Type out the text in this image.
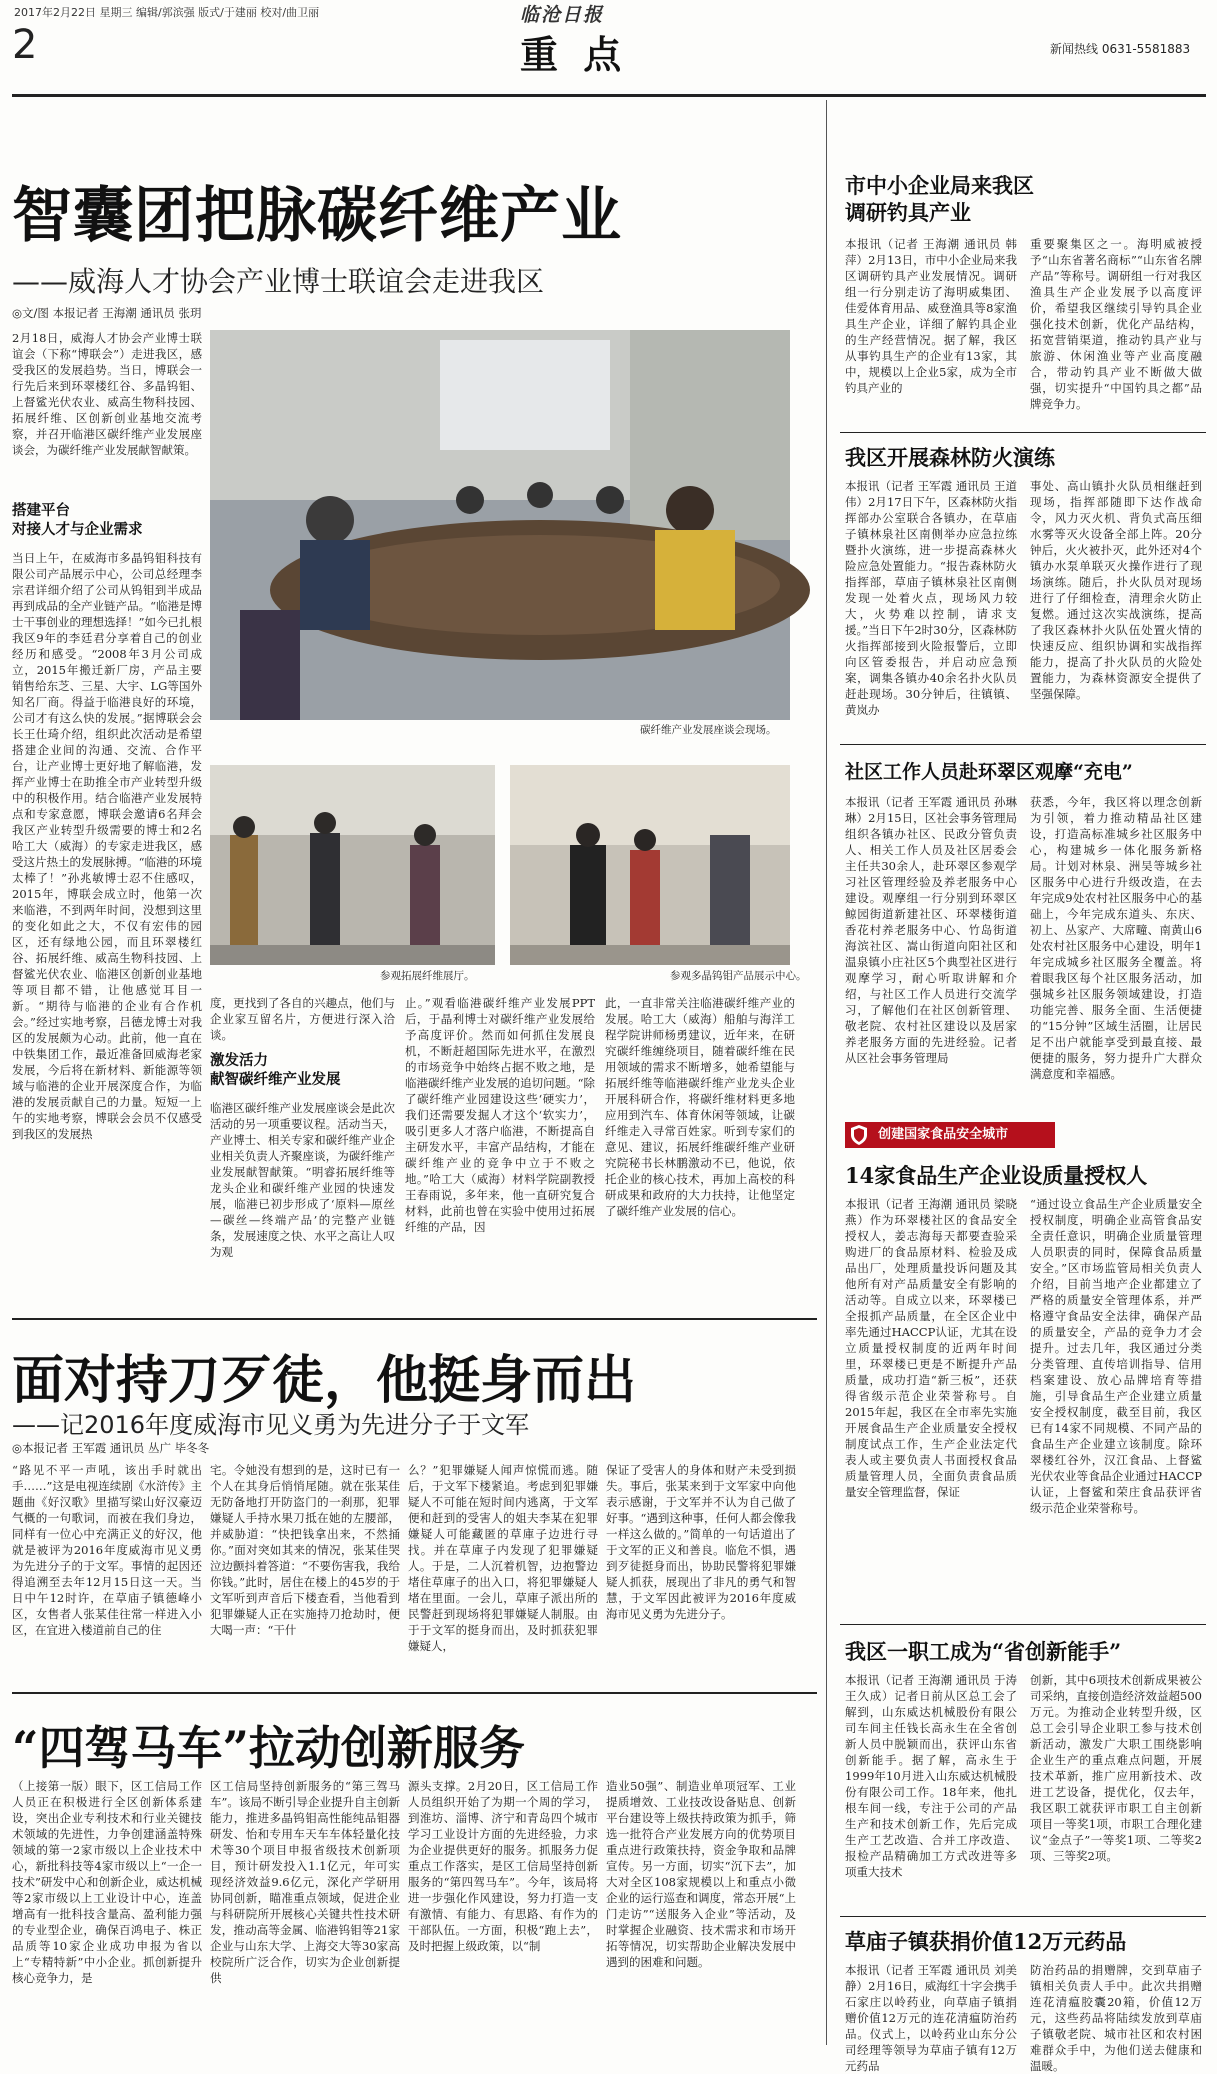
2017年2月22日 星期三 编辑/郭滨强 版式/于建丽 校对/曲卫丽	临沧日报
2	重 点	新闻热线 0631-5581883
智囊团把脉碳纤维产业
——威海人才协会产业博士联谊会走进我区
◎文/图 本报记者 王海潮 通讯员 张玥
2月18日，威海人才协会产业博士联谊会（下称“博联会”）走进我区，感受我区的发展趋势。当日，博联会一行先后来到环翠楼红谷、多晶钨钼、上督鲨光伏农业、威高生物科技园、拓展纤维、区创新创业基地交流考察，并召开临港区碳纤维产业发展座谈会，为碳纤维产业发展献智献策。
搭建平台
对接人才与企业需求
当日上午，在威海市多晶钨钼科技有限公司产品展示中心，公司总经理李宗君详细介绍了公司从钨钼到半成品再到成品的全产业链产品。“临港是博士干事创业的理想选择！”如今已扎根我区9年的李廷君分享着自己的创业经历和感受。“2008年3月公司成立，2015年搬迁新厂房，产品主要销售给东芝、三星、大宇、LG等国外知名厂商。得益于临港良好的环境，公司才有这么快的发展。”据博联会会长王仕琦介绍，组织此次活动是希望搭建企业间的沟通、交流、合作平台，让产业博士更好地了解临港，发挥产业博士在助推全市产业转型升级中的积极作用。结合临港产业发展特点和专家意愿，博联会邀请6名拜会我区产业转型升级需要的博士和2名哈工大（威海）的专家走进我区，感受这片热土的发展脉搏。“临港的环境太棒了！”孙兆敏博士忍不住感叹，2015年，博联会成立时，他第一次来临港，不到两年时间，没想到这里的变化如此之大，不仅有宏伟的园区，还有绿地公园，而且环翠楼红谷、拓展纤维、威高生物科技园、上督鲨光伏农业、临港区创新创业基地等项目都不错，让他感觉耳目一新。“期待与临港的企业有合作机会。”经过实地考察，吕德龙博士对我区的发展颇为心动。此前，他一直在中铁集团工作，最近准备回威海老家发展，今后将在新材料、新能源等领域与临港的企业开展深度合作，为临港的发展贡献自己的力量。短短一上午的实地考察，博联会会员不仅感受到我区的发展热
碳纤维产业发展座谈会现场。
参观拓展纤维展厅。	参观多晶钨钼产品展示中心。
度，更找到了各自的兴趣点，他们与企业家互留名片，方便进行深入洽谈。
激发活力
献智碳纤维产业发展
临港区碳纤维产业发展座谈会是此次活动的另一项重要议程。活动当天，产业博士、相关专家和碳纤维产业企业相关负责人齐聚座谈，为碳纤维产业发展献智献策。“明睿拓展纤维等龙头企业和碳纤维产业园的快速发展，临港已初步形成了‘原料—原丝—碳丝—终端产品’的完整产业链条，发展速度之快、水平之高让人叹为观
止。”观看临港碳纤维产业发展PPT后，于晶利博士对碳纤维产业发展给予高度评价。然而如何抓住发展良机，不断赶超国际先进水平，在激烈的市场竞争中始终占据不败之地，是临港碳纤维产业发展的追切问题。“除了碳纤维产业园建设这些‘硬实力’，我们还需要发掘人才这个‘软实力’，吸引更多人才落户临港，不断提高自主研发水平，丰富产品结构，才能在碳纤维产业的竞争中立于不败之地。”哈工大（威海）材料学院副教授王春雨说，多年来，他一直研究复合材料，此前也曾在实验中使用过拓展纤维的产品，因
此，一直非常关注临港碳纤维产业的发展。哈工大（威海）船舶与海洋工程学院讲师杨勇建议，近年来，在研究碳纤维缠绕项目，随着碳纤维在民用领域的需求不断增多，她希望能与拓展纤维等临港碳纤维产业龙头企业开展科研合作，将碳纤维材料更多地应用到汽车、体育休闲等领域，让碳纤维走入寻常百姓家。听到专家们的意见、建议，拓展纤维碳纤维产业研究院秘书长林鹏激动不已，他说，依托企业的核心技术，再加上高校的科研成果和政府的大力扶持，让他坚定了碳纤维产业发展的信心。
面对持刀歹徒，他挺身而出
——记2016年度威海市见义勇为先进分子于文军
◎本报记者 王军霞 通讯员 丛广 毕冬冬
“路见不平一声吼，该出手时就出手……”这是电视连续剧《水浒传》主题曲《好汉歌》里描写梁山好汉豪迈气概的一句歌词，而被在我们身边，同样有一位心中充满正义的好汉，他就是被评为2016年度威海市见义勇为先进分子的于文军。事情的起因还得追溯至去年12月15日这一天。当日中午12时许，在草庙子镇德峰小区，女售者人张某佳往常一样进入小区，在宜进入楼道前自己的住
宅。令她没有想到的是，这时已有一个人在其身后悄悄尾随。就在张某佳无防备地打开防盗门的一刹那，犯罪嫌疑人手持水果刀抵在她的左腰部，并威胁道：“快把钱拿出来，不然捅你。”面对突如其来的情况，张某佳哭泣边颤抖着答道：“不要伤害我，我给你钱。”此时，居住在楼上的45岁的于文军听到声音后下楼查看，当他看到犯罪嫌疑人正在实施持刀抢劫时，便大喝一声：“干什
么？”犯罪嫌疑人闻声惊慌而逃。随后，于文军下楼紧追。考虑到犯罪嫌疑人不可能在短时间内逃离，于文军便和赶到的受害人的姐夫李某在犯罪嫌疑人可能藏匿的草庫子边进行寻找。并在草庫子内发现了犯罪嫌疑人。于是，二人沉着机智，边抱警边堵住草庫子的出入口，将犯罪嫌疑人堵在里面。一会儿，草庫子派出所的民警赶到现场将犯罪嫌疑人制服。由于于文军的挺身而出，及时抓获犯罪嫌疑人，
保证了受害人的身体和财产未受到损失。事后，张某来到于文军家中向他表示感谢，于文军并不认为自己做了好事。“遇到这种事，任何人都会像我一样这么做的。”简单的一句话道出了于文军的正义和善良。临危不惧，遇到歹徒挺身而出，协助民警将犯罪嫌疑人抓获，展现出了非凡的勇气和智慧，于文军因此被评为2016年度威海市见义勇为先进分子。
“四驾马车”拉动创新服务
（上接第一版）眼下，区工信局工作人员正在积极进行全区创新体系建设，突出企业专利技术和行业关键技术领域的先进性，力争创建涵盖特殊领域的第一2家市级以上企业技术中心，新批科技等4家市级以上“一企一技术”研发中心和创新企业，威达机械等2家市级以上工业设计中心，连盖增高有一批科技含量高、盈利能力强的专业型企业，确保百鸿电子、株正品质等10家企业成功申报为省以上“专精特新”中小企业。抓创新提升核心竞争力，是
区工信局坚持创新服务的“第三驾马车”。该局不断引导企业提升自主创新能力，推进多晶钨钼高性能纯品钼器研发、怡和专用车天车车体轻量化技术等30个项目申报省级技术创新项目，预计研发投入1.1亿元，年可实现经济效益9.6亿元，深化产学研用协同创新，瞄准重点领域，促进企业与科研院所开展核心关键共性技术研发，推动高等金属、临港钨钼等21家企业与山东大学、上海交大等30家高校院所广泛合作，切实为企业创新提供
源头支撑。2月20日，区工信局工作人员组织开始了为期一个周的学习，到淮坊、淄博、济宁和青岛四个城市学习工业设计方面的先进经验，力求为企业提供更好的服务。抓服务力促重点工作落实，是区工信局坚持创新服务的“第四驾马车”。今年，该局将进一步强化作风建设，努力打造一支有激情、有能力、有思路、有作为的干部队伍。一方面，积极“跑上去”，及时把握上级政策，以“制
造业50强”、制造业单项冠军、工业提质增效、工业技改设备贴息、创新平台建设等上级扶持政策为抓手，筛选一批符合产业发展方向的优势项目重点进行政策扶持，资金争取和品牌宣传。另一方面，切实“沉下去”，加大对全区108家规模以上和重点小微企业的运行巡查和调度，常态开展“上门走访”“送服务入企业”等活动，及时掌握企业融资、技术需求和市场开拓等情况，切实帮助企业解决发展中遇到的困难和问题。
市中小企业局来我区
调研钓具产业
本报讯（记者 王海潮 通讯员 韩萍）2月13日，市中小企业局来我区调研钓具产业发展情况。调研组一行分别走访了海明威集团、佳爱体育用品、威登渔具等8家渔具生产企业，详细了解钓具企业的生产经营情况。据了解，我区从事钓具生产的企业有13家，其中，规模以上企业5家，成为全市钓具产业的
重要聚集区之一。海明威被授予“山东省著名商标”“山东省名牌产品”等称号。调研组一行对我区渔具生产企业发展予以高度评价，希望我区继续引导钓具企业强化技术创新，优化产品结构，拓宽营销渠道，推动钓具产业与旅游、休闲渔业等产业高度融合，带动钓具产业不断做大做强，切实提升“中国钓具之都”品牌竞争力。
我区开展森林防火演练
本报讯（记者 王军霞 通讯员 王道伟）2月17日下午，区森林防火指挥部办公室联合各镇办，在草庙子镇林泉社区南侧举办应急拉练暨扑火演练，进一步提高森林火险应急处置能力。“报告森林防火指挥部，草庙子镇林泉社区南侧发现一处着火点，现场风力较大，火势难以控制，请求支援。”当日下午2时30分，区森林防火指挥部接到火险报警后，立即向区管委报告，并启动应急预案，调集各镇办40余名扑火队员赶赴现场。30分钟后，往镇镇、黄岚办
事处、高山镇扑火队员相继赶到现场，指挥部随即下达作战命令，风力灭火机、背负式高压细水雾等灭火设备全部上阵。20分钟后，火火被扑灭，此外还对4个镇办水泵单联灭火操作进行了现场演练。随后，扑火队员对现场进行了仔细检查，清理余火防止复燃。通过这次实战演练，提高了我区森林扑火队伍处置火情的快速反应、组织协调和实战指挥能力，提高了扑火队员的火险处置能力，为森林资源安全提供了坚强保障。
社区工作人员赴环翠区观摩“充电”
本报讯（记者 王军霞 通讯员 孙琳琳）2月15日，区社会事务管理局组织各镇办社区、民政分管负责人、相关工作人员及社区居委会主任共30余人，赴环翠区参观学习社区管理经验及养老服务中心建设。观摩组一行分别到环翠区鲸园街道新建社区、环翠楼街道香花村养老服务中心、竹岛街道海滨社区、嵩山街道向阳社区和温泉镇小庄社区5个典型社区进行观摩学习，耐心听取讲解和介绍，与社区工作人员进行交流学习，了解他们在社区创新管理、敬老院、农村社区建设以及居家养老服务方面的先进经验。记者从区社会事务管理局
获悉，今年，我区将以理念创新为引领，着力推动精品社区建设，打造高标准城乡社区服务中心，构建城乡一体化服务新格局。计划对林泉、洲吴等城乡社区服务中心进行升级改造，在去年完成9处农村社区服务中心的基础上，今年完成东道头、东庆、初上、丛家产、大席疃、南黄山6处农村社区服务中心建设，明年1年完成城乡社区服务全覆盖。将着眼我区每个社区服务活动，加强城乡社区服务领域建设，打造功能完善、服务全面、生活便捷的“15分钟”区域生活圈，让居民足不出户就能享受到最直接、最便捷的服务，努力提升广大群众满意度和幸福感。
$^{创建国家食品安全城市}$
14家食品生产企业设质量授权人
本报讯（记者 王海潮 通讯员 梁晓燕）作为环翠楼社区的食品安全授权人，姜志海每天都要查验采购进厂的食品原材料、检验及成品出厂，处理质量投诉问题及其他所有对产品质量安全有影响的活动等。自成立以来，环翠楼已全报抓产品质量，在全区企业中率先通过HACCP认证，尤其在设立质量授权制度的近两年时间里，环翠楼已更是不断提升产品质量，成功打造“新三板”，还获得省级示范企业荣誉称号。自2015年起，我区在全市率先实施开展食品生产企业质量安全授权制度试点工作，生产企业法定代表人或主要负责人书面授权食品质量管理人员，全面负责食品质量安全管理监督，保证
“通过设立食品生产企业质量安全授权制度，明确企业高管食品安全责任意识，明确企业质量管理人员职责的同时，保障食品质量安全。”区市场监管局相关负责人介绍，目前当地产企业都建立了严格的质量安全管理体系，并严格遵守食品安全法律，确保产品的质量安全，产品的竞争力才会提升。过去几年，我区通过分类分类管理、直传培训指导、信用档案建设、放心品牌培育等措施，引导食品生产企业建立质量安全授权制度，截至目前，我区已有14家不同规模、不同产品的食品生产企业建立该制度。除环翠楼红谷外，汉江食品、上督鲨光伏农业等食品企业通过HACCP认证，上督鲨和荣庄食品获评省级示范企业荣誉称号。
我区一职工成为“省创新能手”
本报讯（记者 王海潮 通讯员 于涛 王久成）记者日前从区总工会了解到，山东威达机械股份有限公司车间主任钱长高永生在全省创新人员中脱颖而出，获评山东省创新能手。据了解，高永生于1999年10月进入山东威达机械股份有限公司工作。18年来，他扎根车间一线，专注于公司的产品生产和技术创新工作，先后完成生产工艺改造、合并工序改造、报检产品精确加工方式改进等多项重大技术
创新，其中6项技术创新成果被公司采纳，直接创造经济效益超500万元。为推动企业转型升级，区总工会引导企业职工参与技术创新活动，激发广大职工围绕影响企业生产的重点难点问题，开展技术革新，推广应用新技术、改进工艺设备，提优化，仅去年，我区职工就获评市职工自主创新项目一等奖1项，市职工合理化建议“金点子”一等奖1项、二等奖2项、三等奖2项。
草庙子镇获捐价值12万元药品
本报讯（记者 王军霞 通讯员 刘美静）2月16日，威海红十字会携手石家庄以岭药业，向草庙子镇捐赠价值12万元的连花清瘟防治药品。仪式上，以岭药业山东分公司经理等领导为草庙子镇有12万元药品
防治药品的捐赠牌，交到草庙子镇相关负责人手中。此次共捐赠连花清瘟胶囊20箱，价值12万元，这些药品将陆续发放到草庙子镇敬老院、城市社区和农村困难群众手中，为他们送去健康和温暖。
